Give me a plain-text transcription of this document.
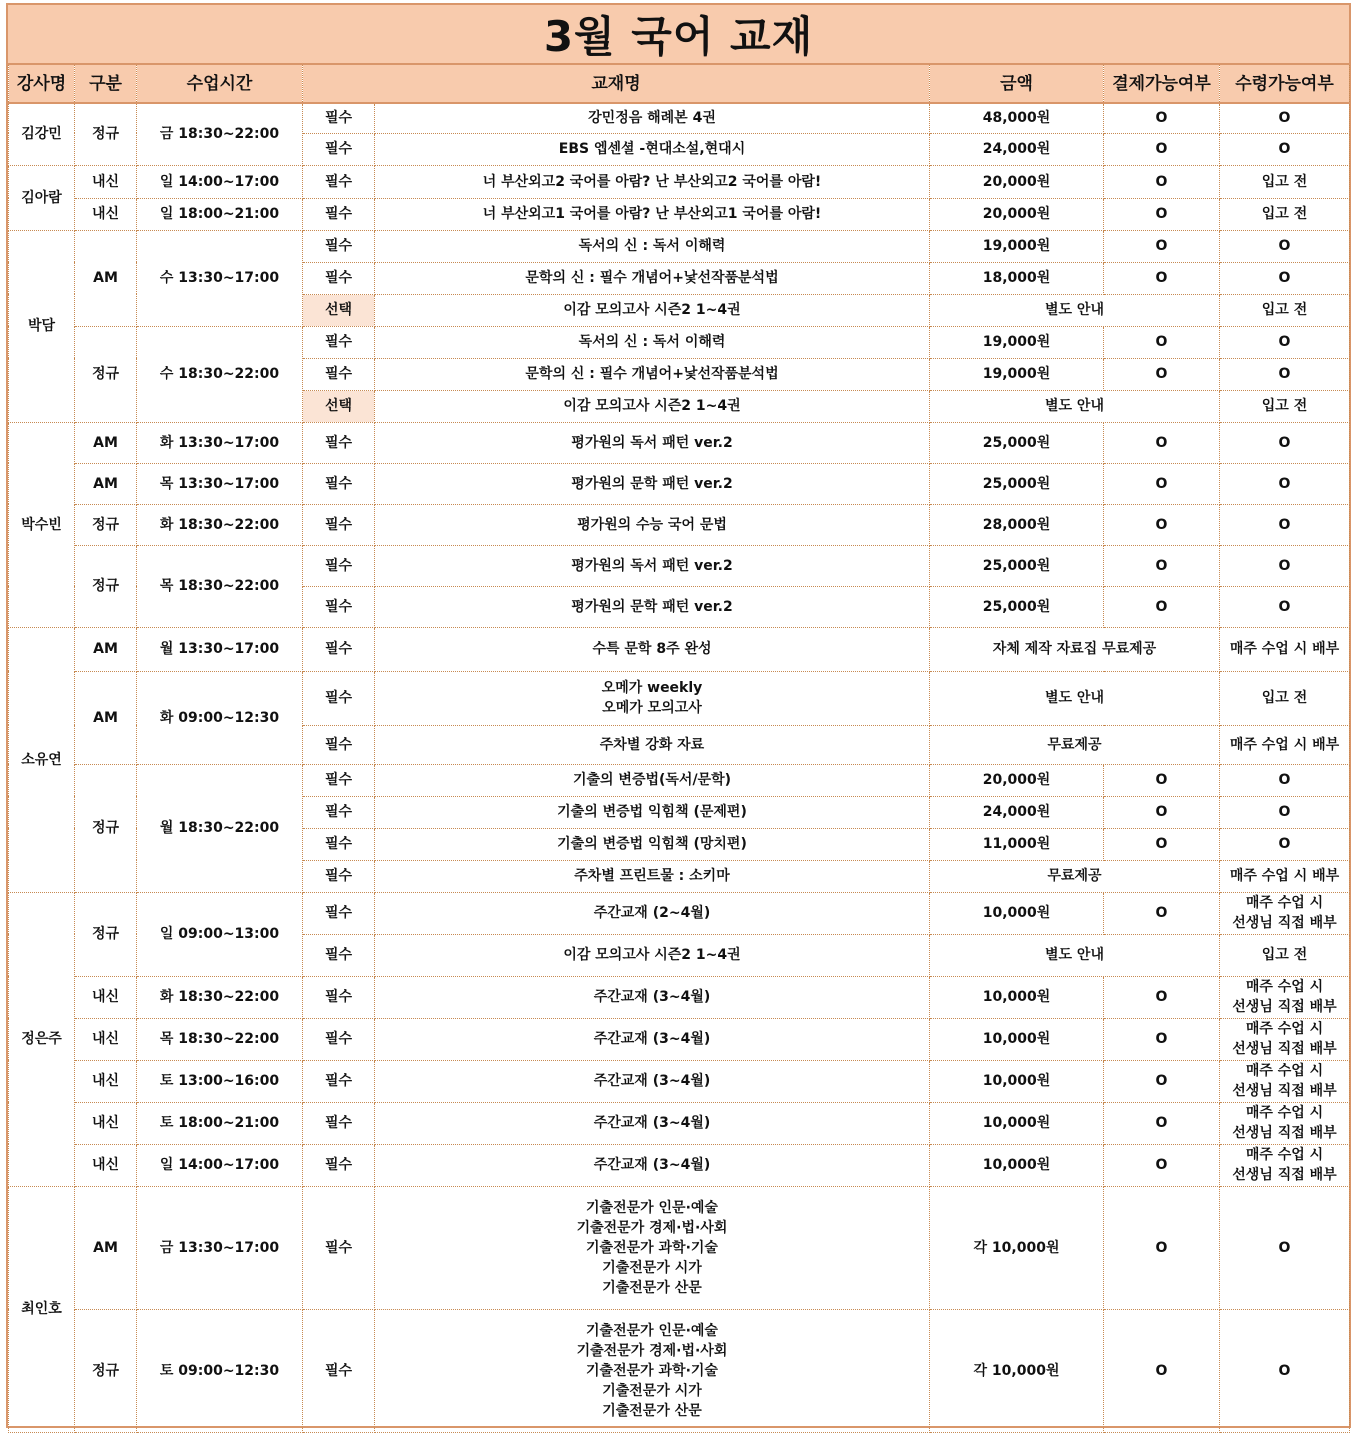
3월 국어 교재
강사명	구분	수업시간	교재명		금액	결제가능여부	수령가능여부
김강민	정규	금 18:30~22:00	필수	강민정음 해례본 4권	48,000원	O	O

			필수	EBS 엡센셜 -현대소설,현대시	24,000원	O	O

김아람	내신	일 14:00~17:00	필수	너 부산외고2 국어를 아람? 난 부산외고2 국어를 아람!	20,000원	O	입고 전

	내신	일 18:00~21:00	필수	너 부산외고1 국어를 아람? 난 부산외고1 국어를 아람!	20,000원	O	입고 전

박담	AM	수 13:30~17:00	필수	독서의 신 : 독서 이해력	19,000원	O	O

			필수	문학의 신 : 필수 개념어+낯선작품분석법	18,000원	O	O

			선택	이감 모의고사 시즌2 1~4권	별도 안내		입고 전

	정규	수 18:30~22:00	필수	독서의 신 : 독서 이해력	19,000원	O	O

			필수	문학의 신 : 필수 개념어+낯선작품분석법	19,000원	O	O

			선택	이감 모의고사 시즌2 1~4권	별도 안내		입고 전

박수빈	AM	화 13:30~17:00	필수	평가원의 독서 패턴 ver.2	25,000원	O	O

	AM	목 13:30~17:00	필수	평가원의 문학 패턴 ver.2	25,000원	O	O

	정규	화 18:30~22:00	필수	평가원의 수능 국어 문법	28,000원	O	O

	정규	목 18:30~22:00	필수	평가원의 독서 패턴 ver.2	25,000원	O	O

			필수	평가원의 문학 패턴 ver.2	25,000원	O	O

소유연	AM	월 13:30~17:00	필수	수특 문학 8주 완성	자체 제작 자료집 무료제공		매주 수업 시 배부

	AM	화 09:00~12:30	필수	오메가 weekly
오메가 모의고사	별도 안내		입고 전

			필수	주차별 강화 자료	무료제공		매주 수업 시 배부

	정규	월 18:30~22:00	필수	기출의 변증법(독서/문학)	20,000원	O	O

			필수	기출의 변증법 익힘책 (문제편)	24,000원	O	O

			필수	기출의 변증법 익힘책 (망치편)	11,000원	O	O

			필수	주차별 프린트물 : 소키마	무료제공		매주 수업 시 배부

정은주	정규	일 09:00~13:00	필수	주간교재 (2~4월)	10,000원	O	매주 수업 시
선생님 직접 배부

			필수	이감 모의고사 시즌2 1~4권	별도 안내		입고 전

	내신	화 18:30~22:00	필수	주간교재 (3~4월)	10,000원	O	매주 수업 시
선생님 직접 배부

	내신	목 18:30~22:00	필수	주간교재 (3~4월)	10,000원	O	매주 수업 시
선생님 직접 배부

	내신	토 13:00~16:00	필수	주간교재 (3~4월)	10,000원	O	매주 수업 시
선생님 직접 배부

	내신	토 18:00~21:00	필수	주간교재 (3~4월)	10,000원	O	매주 수업 시
선생님 직접 배부

	내신	일 14:00~17:00	필수	주간교재 (3~4월)	10,000원	O	매주 수업 시
선생님 직접 배부

최인호	AM	금 13:30~17:00	필수	기출전문가 인문·예술
기출전문가 경제·법·사회
기출전문가 과학·기술
기출전문가 시가
기출전문가 산문	각 10,000원	O	O

	정규	토 09:00~12:30	필수	기출전문가 인문·예술
기출전문가 경제·법·사회
기출전문가 과학·기술
기출전문가 시가
기출전문가 산문	각 10,000원	O	O
